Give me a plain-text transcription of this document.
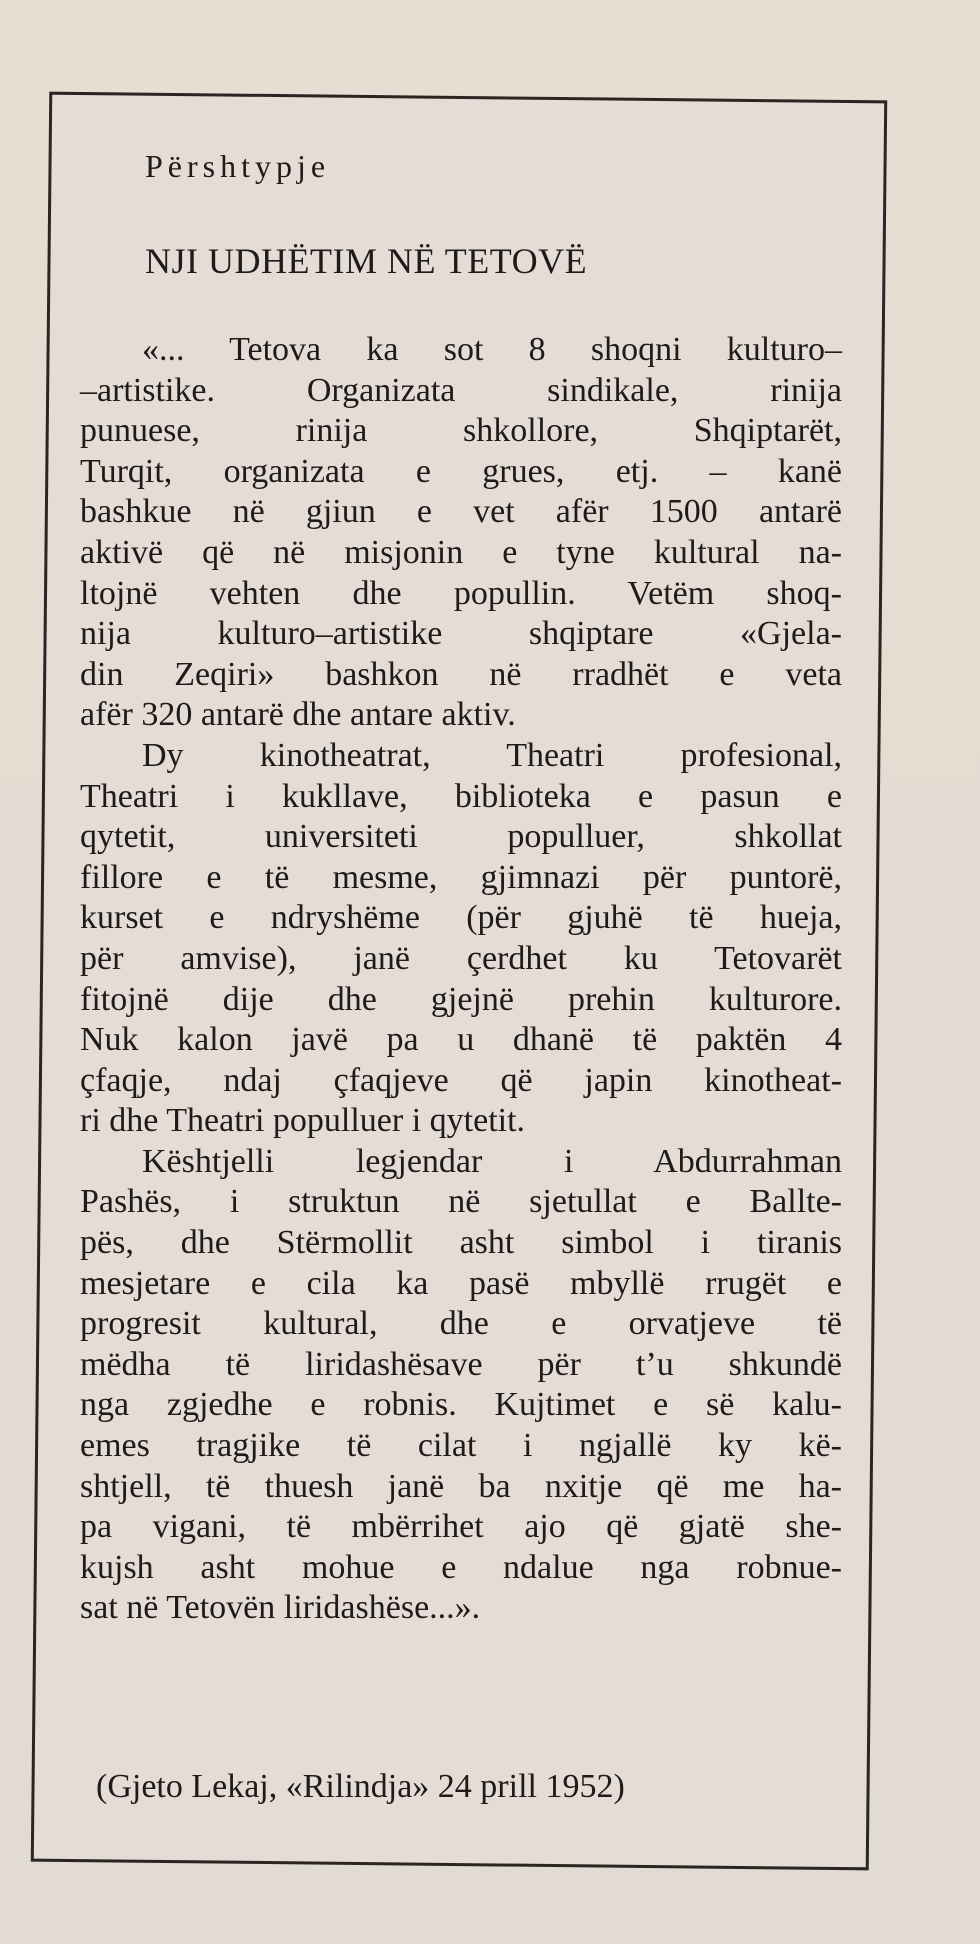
Përshtypje
NJI UDHËTIM NË TETOVË

«... Tetova ka sot 8 shoqni kulturo–
–artistike. Organizata sindikale, rinija
punuese, rinija shkollore, Shqiptarët,
Turqit, organizata e grues, etj. – kanë
bashkue në gjiun e vet afër 1500 antarë
aktivë që në misjonin e tyne kultural na-
ltojnë vehten dhe popullin. Vetëm shoq-
nija kulturo–artistike shqiptare «Gjela-
din Zeqiri» bashkon në rradhët e veta
afër 320 antarë dhe antare aktiv.

Dy kinotheatrat, Theatri profesional,
Theatri i kukllave, biblioteka e pasun e
qytetit, universiteti populluer, shkollat
fillore e të mesme, gjimnazi për puntorë,
kurset e ndryshëme (për gjuhë të hueja,
për amvise), janë çerdhet ku Tetovarët
fitojnë dije dhe gjejnë prehin kulturore.
Nuk kalon javë pa u dhanë të paktën 4
çfaqje, ndaj çfaqjeve që japin kinotheat-
ri dhe Theatri populluer i qytetit.

Kështjelli legjendar i Abdurrahman
Pashës, i struktun në sjetullat e Ballte-
pës, dhe Stërmollit asht simbol i tiranis
mesjetare e cila ka pasë mbyllë rrugët e
progresit kultural, dhe e orvatjeve të
mëdha të liridashësave për t’u shkundë
nga zgjedhe e robnis. Kujtimet e së kalu-
emes tragjike të cilat i ngjallë ky kë-
shtjell, të thuesh janë ba nxitje që me ha-
pa vigani, të mbërrihet ajo që gjatë she-
kujsh asht mohue e ndalue nga robnue-
sat në Tetovën liridashëse...».

(Gjeto Lekaj, «Rilindja» 24 prill 1952)
